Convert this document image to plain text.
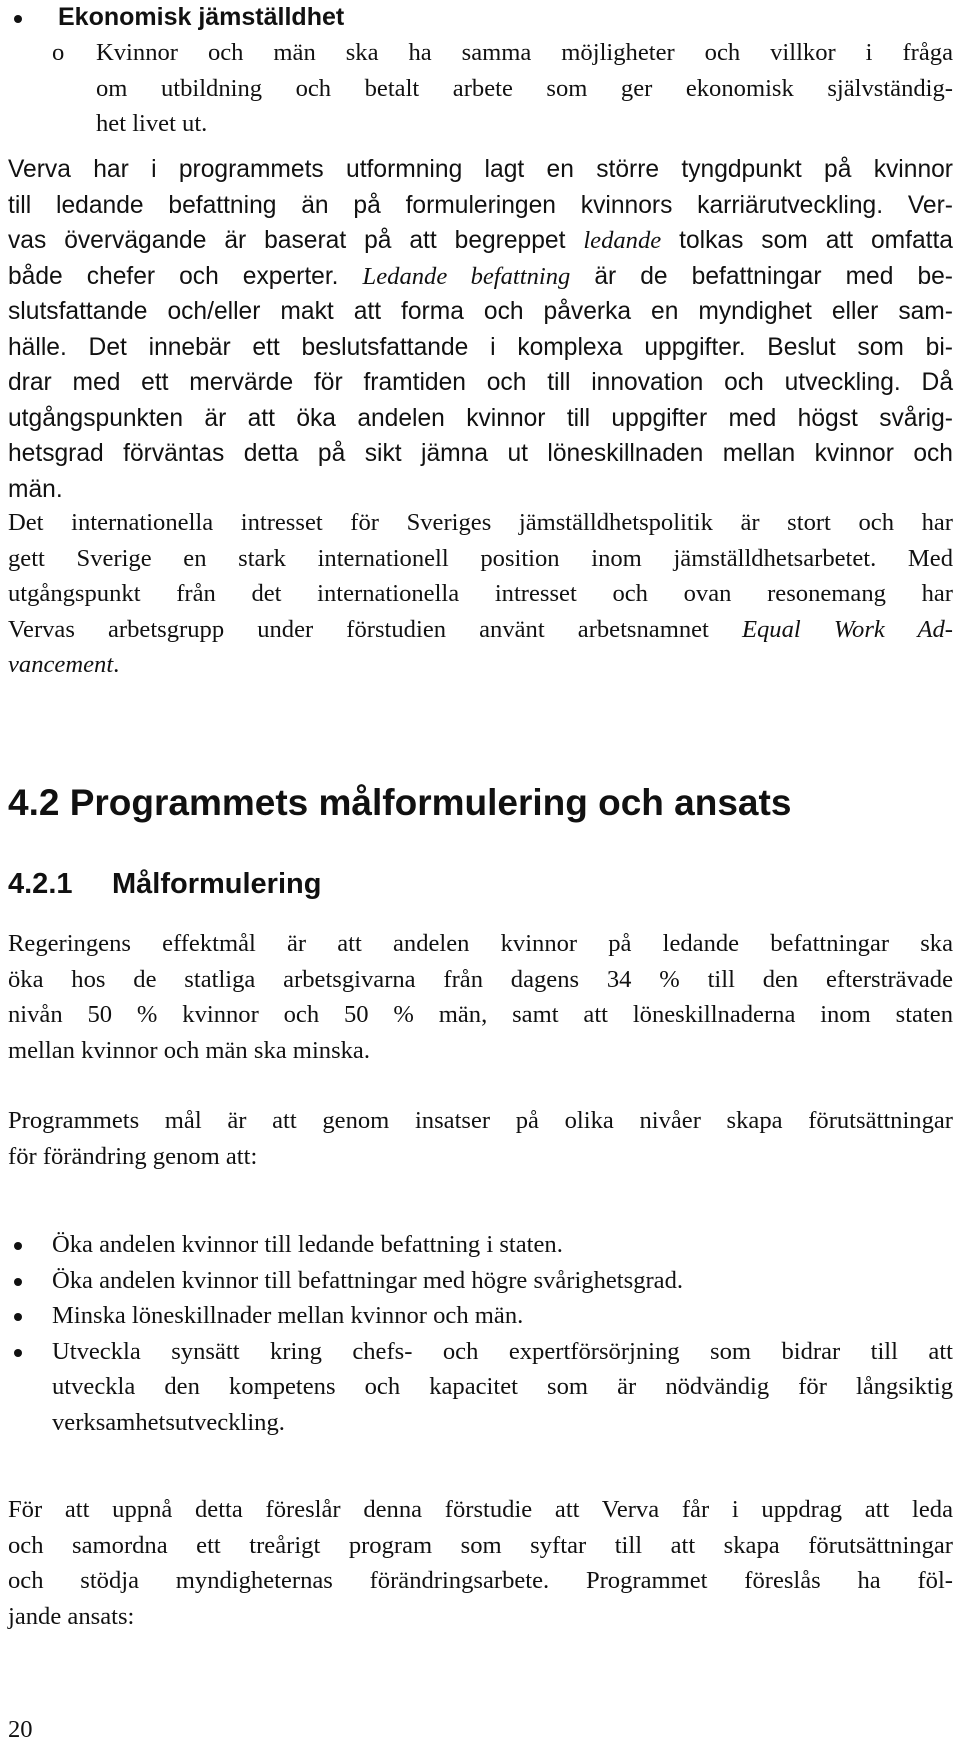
Ekonomisk jämställdhet
o Kvinnor och män ska ha samma möjligheter och villkor i fråga
om utbildning och betalt arbete som ger ekonomisk självständig-
het livet ut.
Verva har i programmets utformning lagt en större tyngdpunkt på kvinnor
till ledande befattning än på formuleringen kvinnors karriärutveckling. Ver-
vas övervägande är baserat på att begreppet ledande tolkas som att omfatta
både chefer och experter. Ledande befattning är de befattningar med be-
slutsfattande och/eller makt att forma och påverka en myndighet eller sam-
hälle. Det innebär ett beslutsfattande i komplexa uppgifter. Beslut som bi-
drar med ett mervärde för framtiden och till innovation och utveckling. Då
utgångspunkten är att öka andelen kvinnor till uppgifter med högst svårig-
hetsgrad förväntas detta på sikt jämna ut löneskillnaden mellan kvinnor och
män.
Det internationella intresset för Sveriges jämställdhetspolitik är stort och har
gett Sverige en stark internationell position inom jämställdhetsarbetet. Med
utgångspunkt från det internationella intresset och ovan resonemang har
Vervas arbetsgrupp under förstudien använt arbetsnamnet Equal Work Ad-
vancement.
4.2 Programmets målformulering och ansats
4.2.1 Målformulering
Regeringens effektmål är att andelen kvinnor på ledande befattningar ska
öka hos de statliga arbetsgivarna från dagens 34 % till den eftersträvade
nivån 50 % kvinnor och 50 % män, samt att löneskillnaderna inom staten
mellan kvinnor och män ska minska.
Programmets mål är att genom insatser på olika nivåer skapa förutsättningar
för förändring genom att:
Öka andelen kvinnor till ledande befattning i staten.
Öka andelen kvinnor till befattningar med högre svårighetsgrad.
Minska löneskillnader mellan kvinnor och män.
Utveckla synsätt kring chefs- och expertförsörjning som bidrar till att
utveckla den kompetens och kapacitet som är nödvändig för långsiktig
verksamhetsutveckling.
För att uppnå detta föreslår denna förstudie att Verva får i uppdrag att leda
och samordna ett treårigt program som syftar till att skapa förutsättningar
och stödja myndigheternas förändringsarbete. Programmet föreslås ha föl-
jande ansats:
20
